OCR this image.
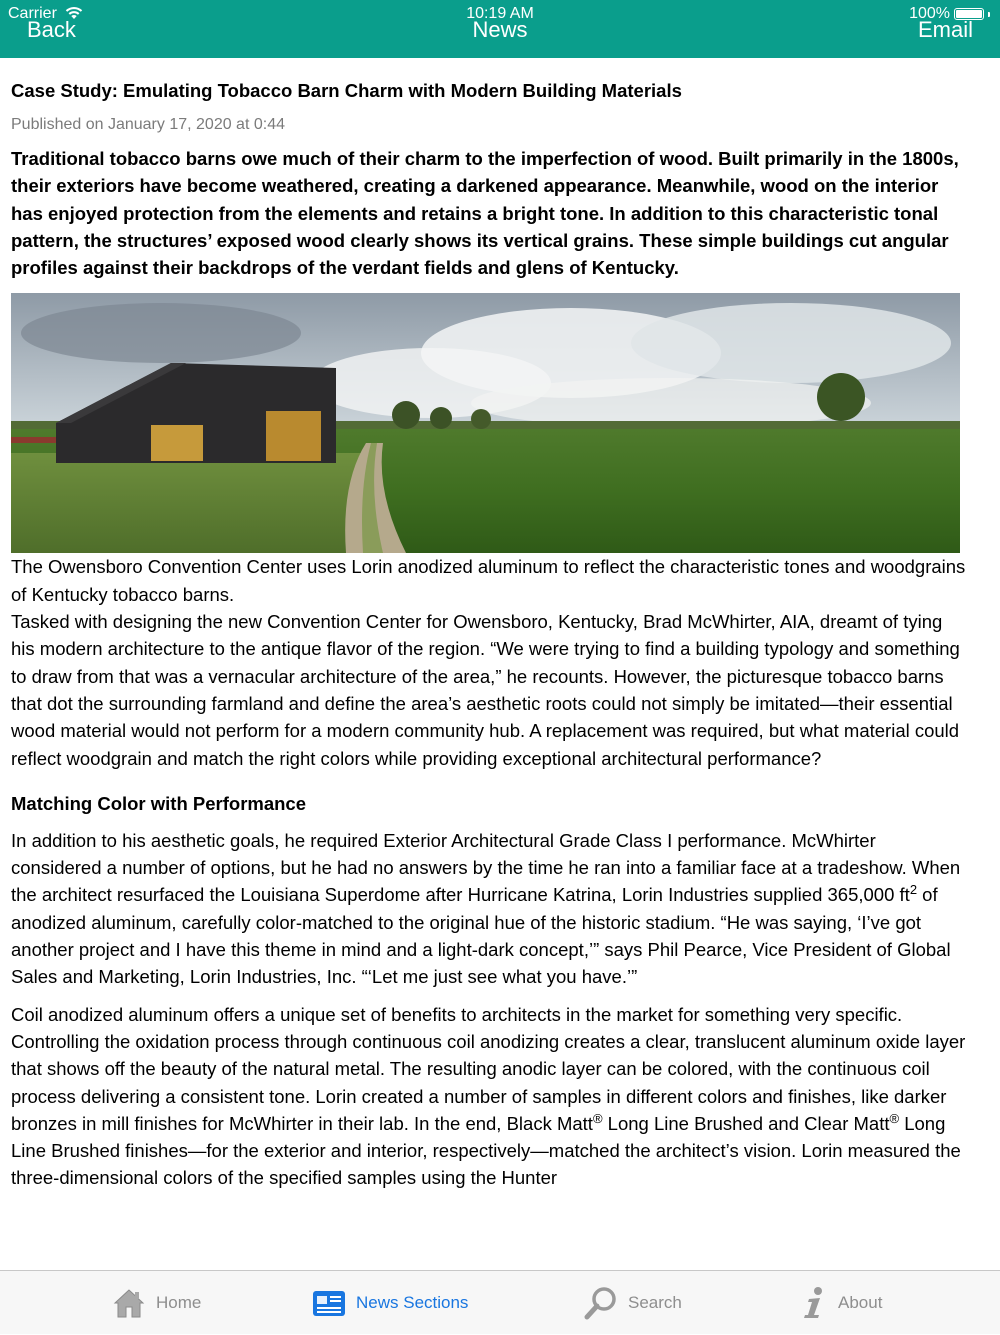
Carrier	10:19 AM	100%
Back	News	Email
Case Study: Emulating Tobacco Barn Charm with Modern Building Materials
Published on January 17, 2020 at 0:44
Traditional tobacco barns owe much of their charm to the imperfection of wood. Built primarily in the 1800s, their exteriors have become weathered, creating a darkened appearance. Meanwhile, wood on the interior has enjoyed protection from the elements and retains a bright tone. In addition to this characteristic tonal pattern, the structures’ exposed wood clearly shows its vertical grains. These simple buildings cut angular profiles against their backdrops of the verdant fields and glens of Kentucky.

The Owensboro Convention Center uses Lorin anodized aluminum to reflect the characteristic tones and woodgrains of Kentucky tobacco barns.

Tasked with designing the new Convention Center for Owensboro, Kentucky, Brad McWhirter, AIA, dreamt of tying his modern architecture to the antique flavor of the region. “We were trying to find a building typology and something to draw from that was a vernacular architecture of the area,” he recounts. However, the picturesque tobacco barns that dot the surrounding farmland and define the area’s aesthetic roots could not simply be imitated—their essential wood material would not perform for a modern community hub. A replacement was required, but what material could reflect woodgrain and match the right colors while providing exceptional architectural performance?

Matching Color with Performance

In addition to his aesthetic goals, he required Exterior Architectural Grade Class I performance. McWhirter considered a number of options, but he had no answers by the time he ran into a familiar face at a tradeshow. When the architect resurfaced the Louisiana Superdome after Hurricane Katrina, Lorin Industries supplied 365,000 $ft^2$ of anodized aluminum, carefully color-matched to the original hue of the historic stadium. “He was saying, ‘I’ve got another project and I have this theme in mind and a light-dark concept,’” says Phil Pearce, Vice President of Global Sales and Marketing, Lorin Industries, Inc. “‘Let me just see what you have.’”

Coil anodized aluminum offers a unique set of benefits to architects in the market for something very specific. Controlling the oxidation process through continuous coil anodizing creates a clear, translucent aluminum oxide layer that shows off the beauty of the natural metal. The resulting anodic layer can be colored, with the continuous coil process delivering a consistent tone. Lorin created a number of samples in different colors and finishes, like darker bronzes in mill finishes for McWhirter in their lab. In the end, Black Matt® Long Line Brushed and Clear Matt® Long Line Brushed finishes—for the exterior and interior, respectively—matched the architect’s vision. Lorin measured the three-dimensional colors of the specified samples using the Hunter

Home	News Sections	Search	About
